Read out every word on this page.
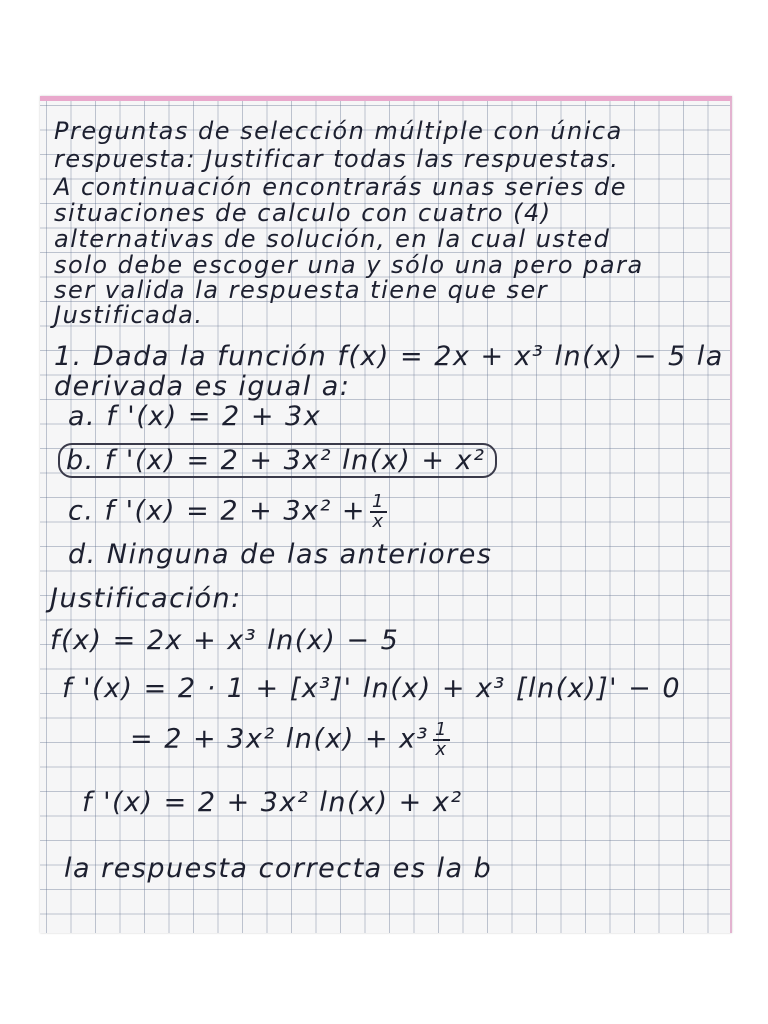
Preguntas de selección múltiple con única
respuesta: Justificar todas las respuestas.
A continuación encontrarás unas series de
situaciones de calculo con cuatro (4)
alternativas de solución, en la cual usted
solo debe escoger una y sólo una pero para
ser valida la respuesta tiene que ser
Justificada.
1. Dada la función f(x) = 2x + x³ ln(x) − 5 la
derivada es igual a:
a. f '(x) = 2 + 3x
b. f '(x) = 2 + 3x² ln(x) + x²
c. f '$(x) = 2 + 3x^2 + \frac{1}{x}$
d. Ninguna de las anteriores
Justificación:
f(x) = 2x + x³ ln(x) − 5
f '(x) = 2 · 1 + [x³]' ln(x) + x³ [ln(x)]' − 0
= 2 + 3x² $\ln(x) + x^3 \frac{1}{x}$
f '(x) = 2 + 3x² ln(x) + x²
la respuesta correcta es la b
